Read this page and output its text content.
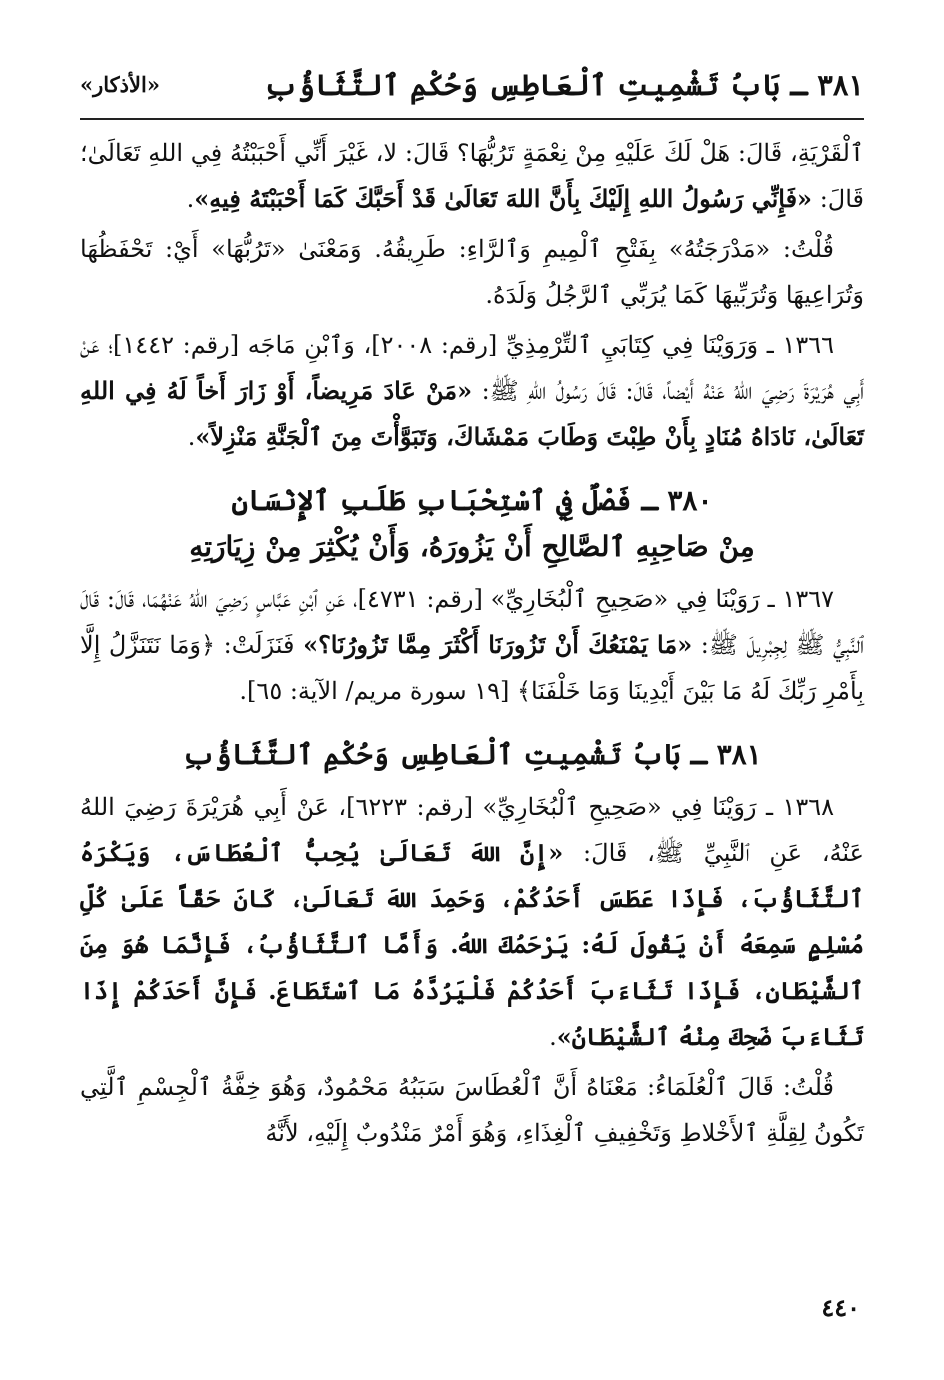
٣٨١ ـ بَابُ تَشْمِيتِ ٱلْعَاطِسِ وَحُكْمِ ٱلتَّثَاؤُبِ
«الأذكار»

ٱلْقَرْيَةِ، قَالَ: هَلْ لَكَ عَلَيْهِ مِنْ نِعْمَةٍ تَرُبُّهَا؟ قَالَ: لا، غَيْرَ أَنِّي أَحْبَبْتُهُ فِي اللهِ تَعَالَىٰ؛ قَالَ: «فَإِنِّي رَسُولُ اللهِ إِلَيْكَ بِأَنَّ اللهَ تَعَالَىٰ قَدْ أَحَبَّكَ كَمَا أَحْبَبْتَهُ فِيهِ».

قُلْتُ: «مَدْرَجَتُهُ» بِفَتْحِ ٱلْمِيمِ وَٱلرَّاءِ: طَرِيقُهُ. وَمَعْنَىٰ «تَرُبُّهَا» أَيْ: تَحْفَظُهَا وَتُرَاعِيهَا وَتُرَبِّيهَا كَمَا يُرَبِّي ٱلرَّجُلُ وَلَدَهُ.

١٣٦٦ ـ وَرَوَيْنَا فِي كِتَابَيِ ٱلتِّرْمِذِيِّ [رقم: ٢٠٠٨]، وَٱبْنِ مَاجَه [رقم: ١٤٤٢]؛ عَنْ أَبِي هُرَيْرَةَ رَضِيَ اللهُ عَنْهُ أَيْضاً، قَالَ: قَالَ رَسُولُ اللهِ ﷺ: «مَنْ عَادَ مَرِيضاً، أَوْ زَارَ أَخاً لَهُ فِي اللهِ تَعَالَىٰ، نَادَاهُ مُنَادٍ بِأَنْ طِبْتَ وَطَابَ مَمْشَاكَ، وَتَبَوَّأْتَ مِنَ ٱلْجَنَّةِ مَنْزِلاً».

٣٨٠ ـ فَصْلٌ فِي ٱسْتِحْبَابِ طَلَبِ ٱلإِنْسَانِ
مِنْ صَاحِبِهِ ٱلصَّالِحِ أَنْ يَزُورَهُ، وَأَنْ يُكْثِرَ مِنْ زِيَارَتِهِ

١٣٦٧ ـ رَوَيْنَا فِي «صَحِيحِ ٱلْبُخَارِيِّ» [رقم: ٤٧٣١]، عَنِ ٱبْنِ عَبَّاسٍ رَضِيَ اللهُ عَنْهُمَا، قَالَ: قَالَ ٱلنَّبِيُّ ﷺ لِجِبْرِيلَ ﷺ: «مَا يَمْنَعُكَ أَنْ تَزُورَنَا أَكْثَرَ مِمَّا تَزُورُنَا؟» فَنَزَلَتْ: ﴿وَمَا نَتَنَزَّلُ إِلَّا بِأَمْرِ رَبِّكَ لَهُ مَا بَيْنَ أَيْدِينَا وَمَا خَلْفَنَا﴾ [١٩ سورة مريم/ الآية: ٦٥].

٣٨١ ـ بَابُ تَشْمِيتِ ٱلْعَاطِسِ وَحُكْمِ ٱلتَّثَاؤُبِ

١٣٦٨ ـ رَوَيْنَا فِي «صَحِيحِ ٱلْبُخَارِيِّ» [رقم: ٦٢٢٣]، عَنْ أَبِي هُرَيْرَةَ رَضِيَ اللهُ عَنْهُ، عَنِ ٱلنَّبِيِّ ﷺ، قَالَ: «إِنَّ اللهَ تَعَالَىٰ يُحِبُّ ٱلْعُطَاسَ، وَيَكْرَهُ ٱلتَّثَاؤُبَ، فَإِذَا عَطَسَ أَحَدُكُمْ، وَحَمِدَ اللهَ تَعَالَىٰ، كَانَ حَقّاً عَلَىٰ كُلِّ مُسْلِمٍ سَمِعَهُ أَنْ يَقُولَ لَهُ: يَرْحَمُكَ اللهُ. وَأَمَّا ٱلتَّثَاؤُبُ، فَإِنَّمَا هُوَ مِنَ ٱلشَّيْطَانِ، فَإِذَا تَثَاءَبَ أَحَدُكُمْ فَلْيَرُدَّهُ مَا ٱسْتَطَاعَ. فَإِنَّ أَحَدَكُمْ إِذَا تَثَاءَبَ ضَحِكَ مِنْهُ ٱلشَّيْطَانُ».

قُلْتُ: قَالَ ٱلْعُلَمَاءُ: مَعْنَاهُ أَنَّ ٱلْعُطَاسَ سَبَبُهُ مَحْمُودٌ، وَهُوَ خِفَّةُ ٱلْجِسْمِ ٱلَّتِي تَكُونُ لِقِلَّةِ ٱلأَخْلاطِ وَتَخْفِيفِ ٱلْغِذَاءِ، وَهُوَ أَمْرٌ مَنْدُوبٌ إِلَيْهِ، لأَنَّهُ

٤٤٠
